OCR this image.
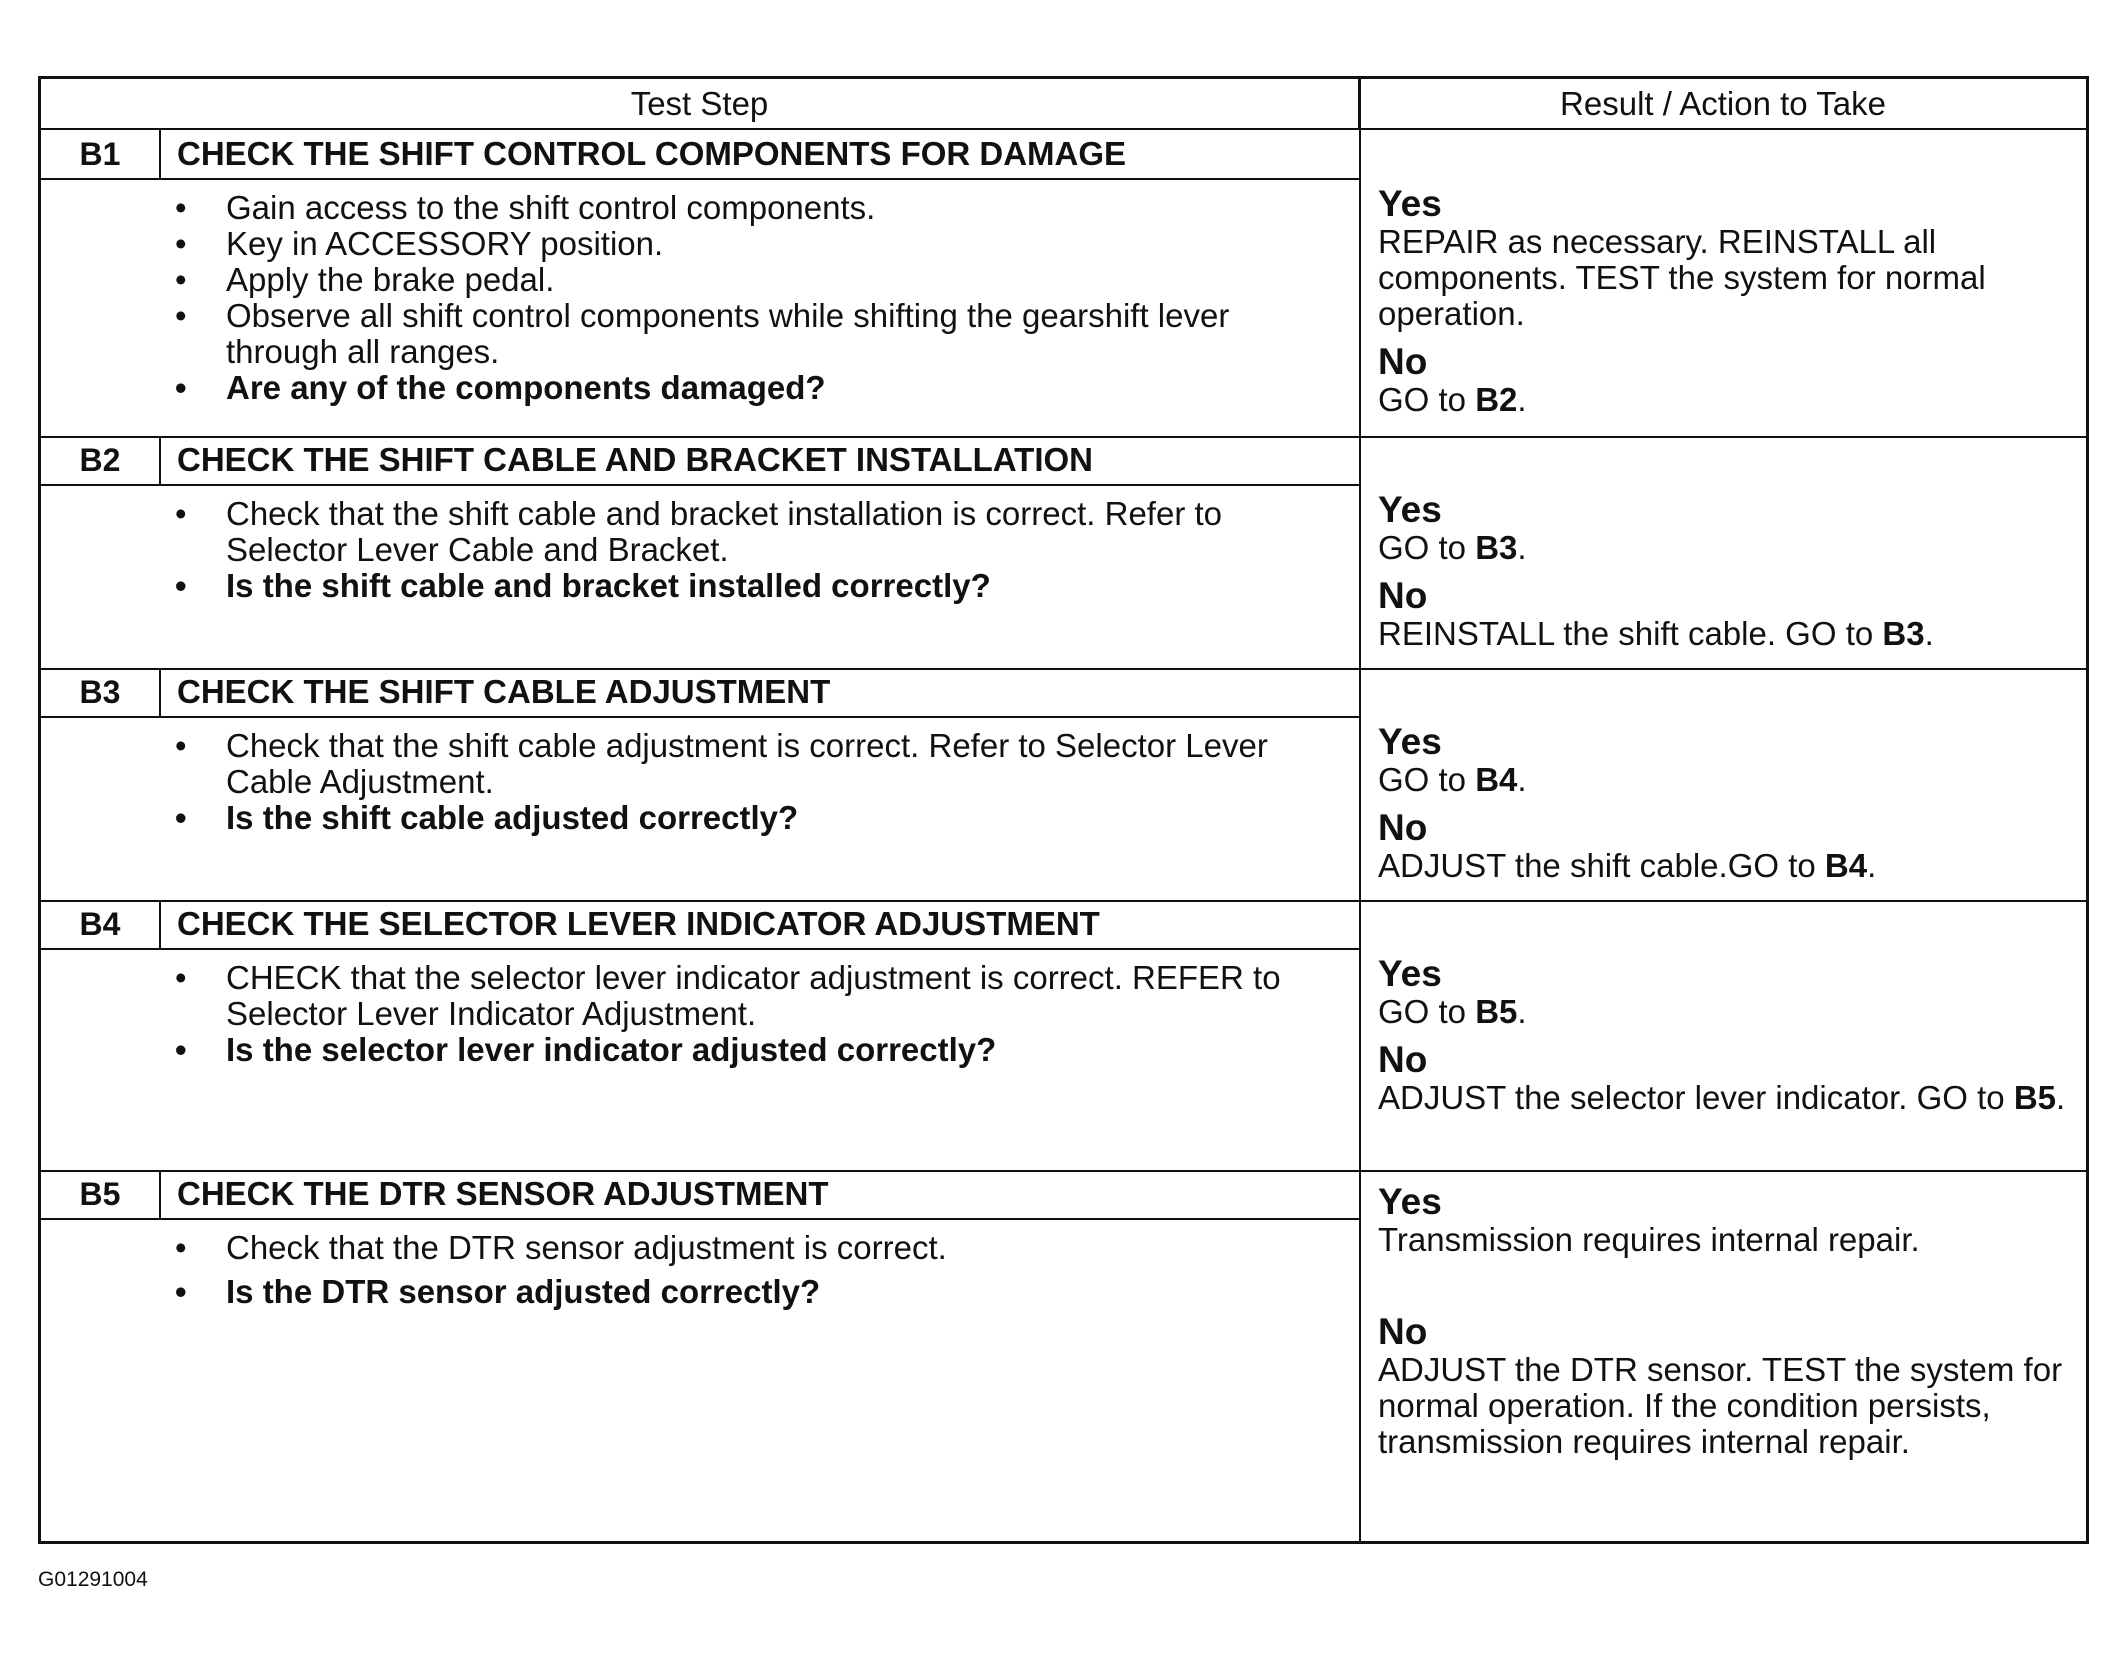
Test Step	Result / Action to Take
B1	CHECK THE SHIFT CONTROL COMPONENTS FOR DAMAGE
• Gain access to the shift control components.
• Key in ACCESSORY position.
• Apply the brake pedal.
• Observe all shift control components while shifting the gearshift lever through all ranges.
• Are any of the components damaged?
Yes
REPAIR as necessary. REINSTALL all components. TEST the system for normal operation.
No
GO to B2.
B2	CHECK THE SHIFT CABLE AND BRACKET INSTALLATION
• Check that the shift cable and bracket installation is correct. Refer to Selector Lever Cable and Bracket.
• Is the shift cable and bracket installed correctly?
Yes
GO to B3.
No
REINSTALL the shift cable. GO to B3.
B3	CHECK THE SHIFT CABLE ADJUSTMENT
• Check that the shift cable adjustment is correct. Refer to Selector Lever Cable Adjustment.
• Is the shift cable adjusted correctly?
Yes
GO to B4.
No
ADJUST the shift cable.GO to B4.
B4	CHECK THE SELECTOR LEVER INDICATOR ADJUSTMENT
• CHECK that the selector lever indicator adjustment is correct. REFER to Selector Lever Indicator Adjustment.
• Is the selector lever indicator adjusted correctly?
Yes
GO to B5.
No
ADJUST the selector lever indicator. GO to B5.
B5	CHECK THE DTR SENSOR ADJUSTMENT
• Check that the DTR sensor adjustment is correct.
• Is the DTR sensor adjusted correctly?
Yes
Transmission requires internal repair.
No
ADJUST the DTR sensor. TEST the system for normal operation. If the condition persists, transmission requires internal repair.
G01291004
